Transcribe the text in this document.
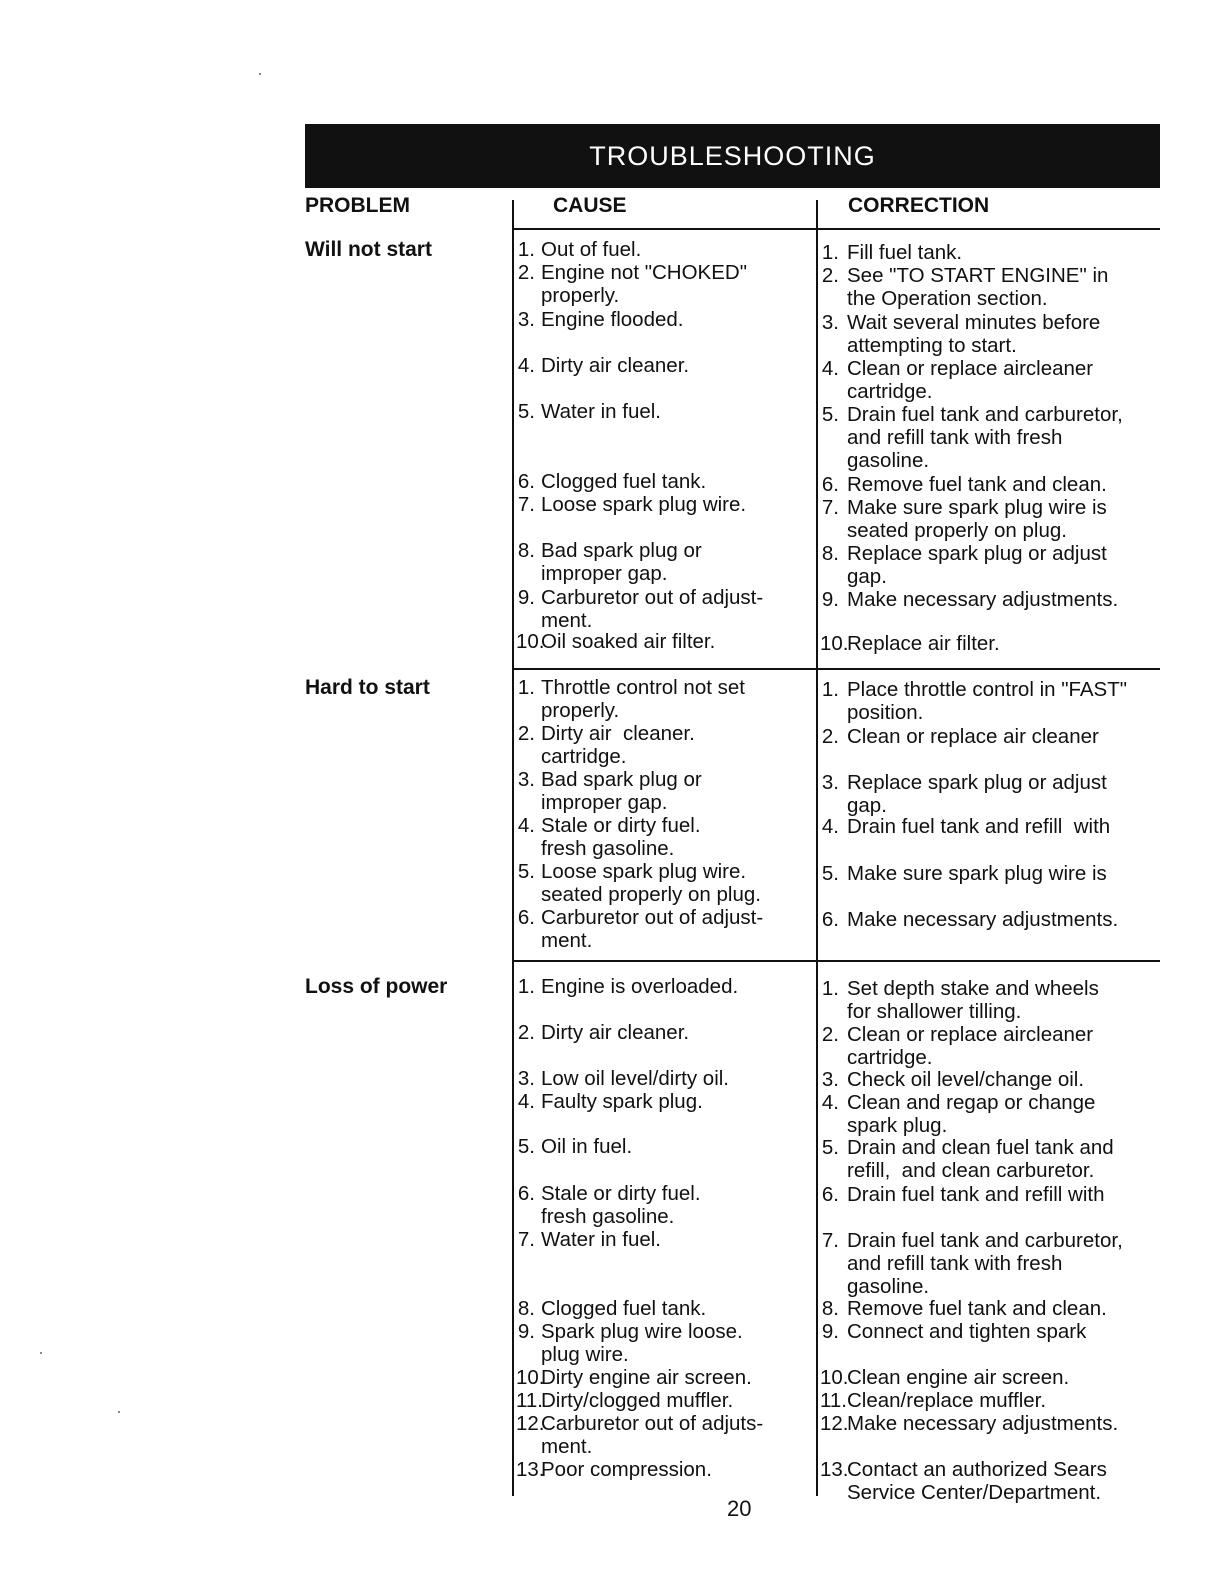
TROUBLESHOOTING
PROBLEM	CAUSE	CORRECTION
Will not start
Hard to start
Loss of power
1. Out of fuel.
2. Engine not "CHOKED"
properly.
3. Engine flooded.
4. Dirty air cleaner.
5. Water in fuel.
6. Clogged fuel tank.
7. Loose spark plug wire.
8. Bad spark plug or
improper gap.
9. Carburetor out of adjust-
ment.
10.
Oil soaked air filter.
1. Fill fuel tank.
2. See "TO START ENGINE" in
the Operation section.
3. Wait several minutes before
attempting to start.
4. Clean or replace aircleaner
cartridge.
5. Drain fuel tank and carburetor,
and refill tank with fresh
gasoline.
6. Remove fuel tank and clean.
7. Make sure spark plug wire is
seated properly on plug.
8. Replace spark plug or adjust
gap.
9. Make necessary adjustments.
10.
Replace air filter.
1. Throttle control not set
properly.
2. Dirty air  cleaner.
cartridge.
3. Bad spark plug or
improper gap.
4. Stale or dirty fuel.
fresh gasoline.
5. Loose spark plug wire.
seated properly on plug.
6. Carburetor out of adjust-
ment.
1. Place throttle control in "FAST"
position.
2. Clean or replace air cleaner
3. Replace spark plug or adjust
gap.
4. Drain fuel tank and refill  with
5. Make sure spark plug wire is
6. Make necessary adjustments.
1. Engine is overloaded.
2. Dirty air cleaner.
3. Low oil level/dirty oil.
4. Faulty spark plug.
5. Oil in fuel.
6. Stale or dirty fuel.
fresh gasoline.
7. Water in fuel.
8. Clogged fuel tank.
9. Spark plug wire loose.
plug wire.
10.
Dirty engine air screen.
11.
Dirty/clogged muffler.
12.
Carburetor out of adjuts-
ment.
13.
Poor compression.
1. Set depth stake and wheels
for shallower tilling.
2. Clean or replace aircleaner
cartridge.
3. Check oil level/change oil.
4. Clean and regap or change
spark plug.
5. Drain and clean fuel tank and
refill,  and clean carburetor.
6. Drain fuel tank and refill with
7. Drain fuel tank and carburetor,
and refill tank with fresh
gasoline.
8. Remove fuel tank and clean.
9. Connect and tighten spark
10.
Clean engine air screen.
11. Clean/replace muffler.
12.
Make necessary adjustments.
13.
Contact an authorized Sears
Service Center/Department.
20
